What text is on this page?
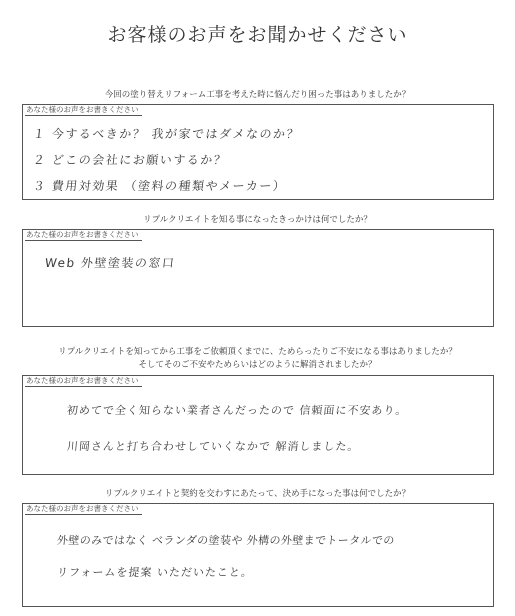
お客様のお声をお聞かせください
今回の塗り替えリフォーム工事を考えた時に悩んだり困った事はありましたか？
あなた様のお声をお書きください
１ 今するべきか？ 我が家ではダメなのか？
２ どこの会社にお願いするか？
３ 費用対効果 （塗料の種類やメーカー）
リプルクリエイトを知る事になったきっかけは何でしたか？
あなた様のお声をお書きください
Web 外壁塗装の窓口
リプルクリエイトを知ってから工事をご依頼頂くまでに、ためらったりご不安になる事はありましたか？
そしてそのご不安やためらいはどのように解消されましたか？
あなた様のお声をお書きください
初めてで全く知らない業者さんだったので 信頼面に不安あり。
川岡さんと打ち合わせしていくなかで 解消しました。
リプルクリエイトと契約を交わすにあたって、決め手になった事は何でしたか？
あなた様のお声をお書きください
外壁のみではなく ベランダの塗装や 外構の外壁までトータルでの
リフォームを提案 いただいたこと。
